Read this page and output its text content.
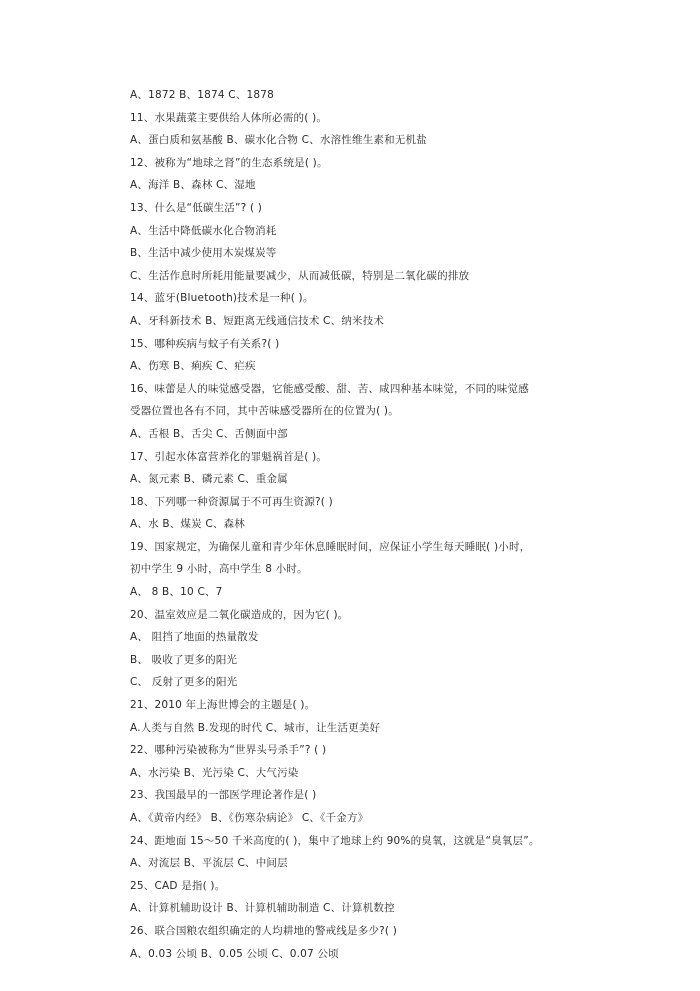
A、1872 B、1874 C、1878
11、水果蔬菜主要供给人体所必需的( )。
A、蛋白质和氨基酸 B、碳水化合物 C、水溶性维生素和无机盐
12、被称为“地球之肾”的生态系统是( )。
A、海洋 B、森林 C、湿地
13、什么是“低碳生活”? ( )
A、生活中降低碳水化合物消耗
B、生活中减少使用木炭煤炭等
C、生活作息时所耗用能量要减少，从而减低碳，特别是二氧化碳的排放
14、蓝牙(Bluetooth)技术是一种( )。
A、牙科新技术 B、短距离无线通信技术 C、纳米技术
15、哪种疾病与蚊子有关系?( )
A、伤寒 B、痢疾 C、疟疾
16、味蕾是人的味觉感受器，它能感受酸、甜、苦、咸四种基本味觉，不同的味觉感
受器位置也各有不同，其中苦味感受器所在的位置为( )。
A、舌根 B、舌尖 C、舌侧面中部
17、引起水体富营养化的罪魁祸首是( )。
A、氮元素 B、磷元素 C、重金属
18、下列哪一种资源属于不可再生资源?( )
A、水 B、煤炭 C、森林
19、国家规定，为确保儿童和青少年休息睡眠时间，应保证小学生每天睡眠( )小时，
初中学生 9 小时，高中学生 8 小时。
A、 8 B、10 C、7
20、温室效应是二氧化碳造成的，因为它( )。
A、 阻挡了地面的热量散发
B、 吸收了更多的阳光
C、 反射了更多的阳光
21、2010 年上海世博会的主题是( )。
A.人类与自然 B.发现的时代 C、城市，让生活更美好
22、哪种污染被称为“世界头号杀手”? ( )
A、水污染 B、光污染 C、大气污染
23、我国最早的一部医学理论著作是( )
A、《黄帝内经》 B、《伤寒杂病论》 C、《千金方》
24、距地面 15～50 千米高度的( )，集中了地球上约 90%的臭氧，这就是“臭氧层”。
A、对流层 B、平流层 C、中间层
25、CAD 是指( )。
A、计算机辅助设计 B、计算机辅助制造 C、计算机数控
26、联合国粮农组织确定的人均耕地的警戒线是多少?( )
A、0.03 公顷 B、0.05 公顷 C、0.07 公顷
